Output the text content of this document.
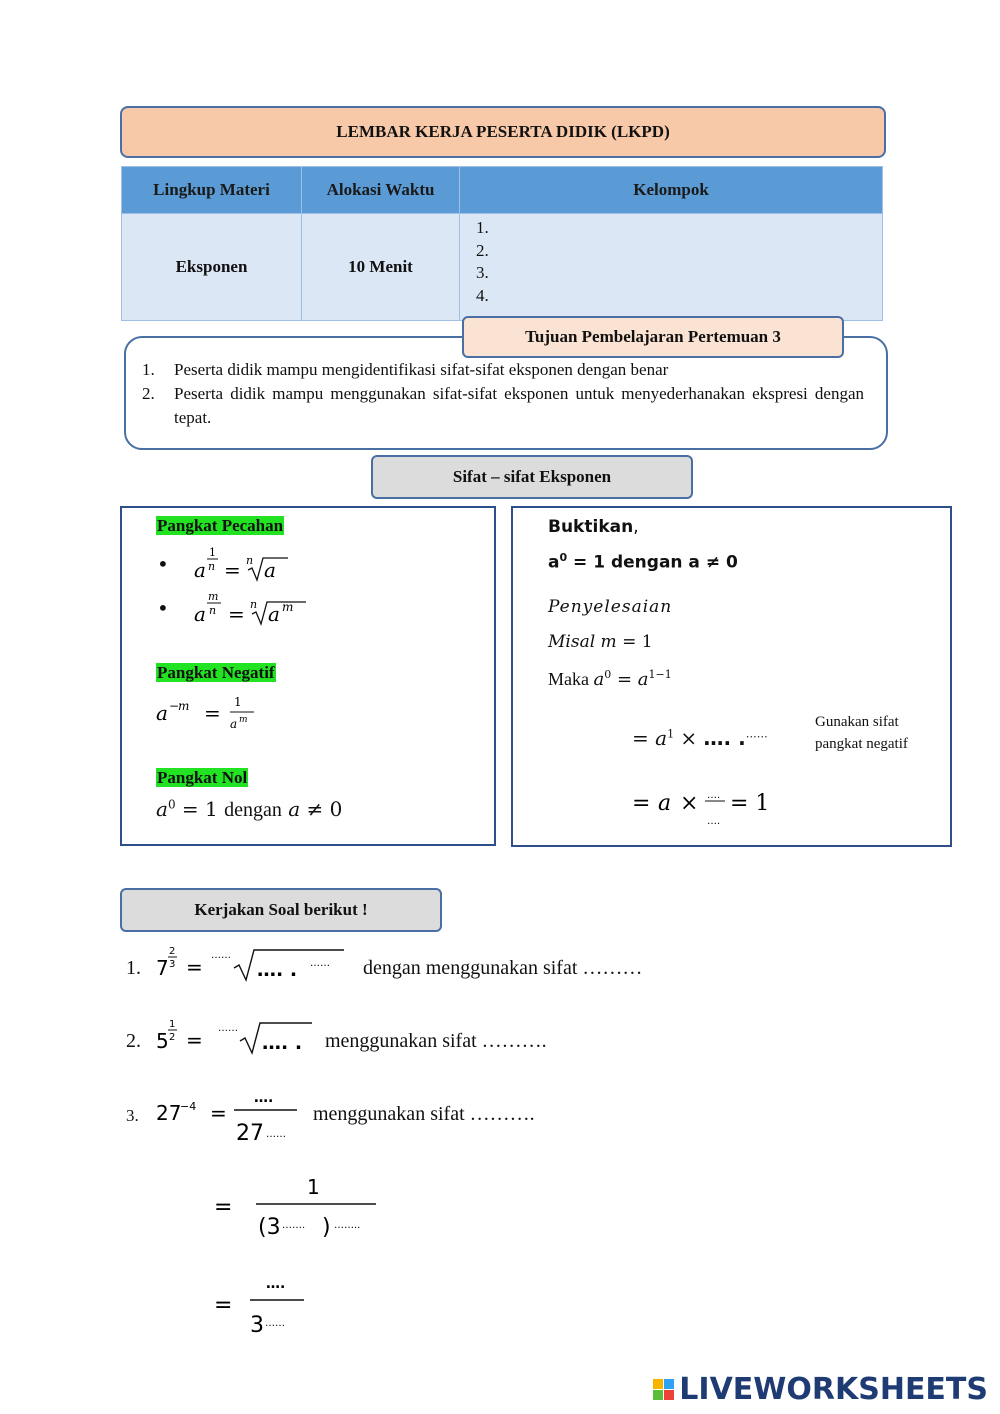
LEMBAR KERJA PESERTA DIDIK (LKPD)
Lingkup Materi	Alokasi Waktu	Kelompok
Eksponen	10 Menit	1.
2.
3.
4.
Tujuan Pembelajaran Pertemuan 3
1.	Peserta didik mampu mengidentifikasi sifat-sifat eksponen dengan benar
2.	Peserta didik mampu menggunakan sifat-sifat eksponen untuk menyederhanakan ekspresi dengan tepat.
Sifat – sifat Eksponen
Pangkat Pecahan
• a
1
n = n a
• a
m
n = n a m
Pangkat Negatif
a −
m = 1
a m
Pangkat Nol
$a^0 = 1$ dengan a ≠ 0
Buktikan,
$a^0 = 1$ dengan a ≠ 0
Penyelesaian
Misal m = 1
Maka $a^0 = a^{1-1}$
= $a^1$ × …. .……
Gunakan sifat
pangkat negatif
= a × ….
….
= 1
Kerjakan Soal berikut !
1. 7
2
3 = ……
…. . …… dengan menggunakan sifat ………
2. 5
1
2 = ……
…. . menggunakan sifat ……….
3. 27
−4 =
….
27 ……
menggunakan sifat ……….
=
1
(3 ……. ) ……..
=
….
3 ……
LIVEWORKSHEETS
